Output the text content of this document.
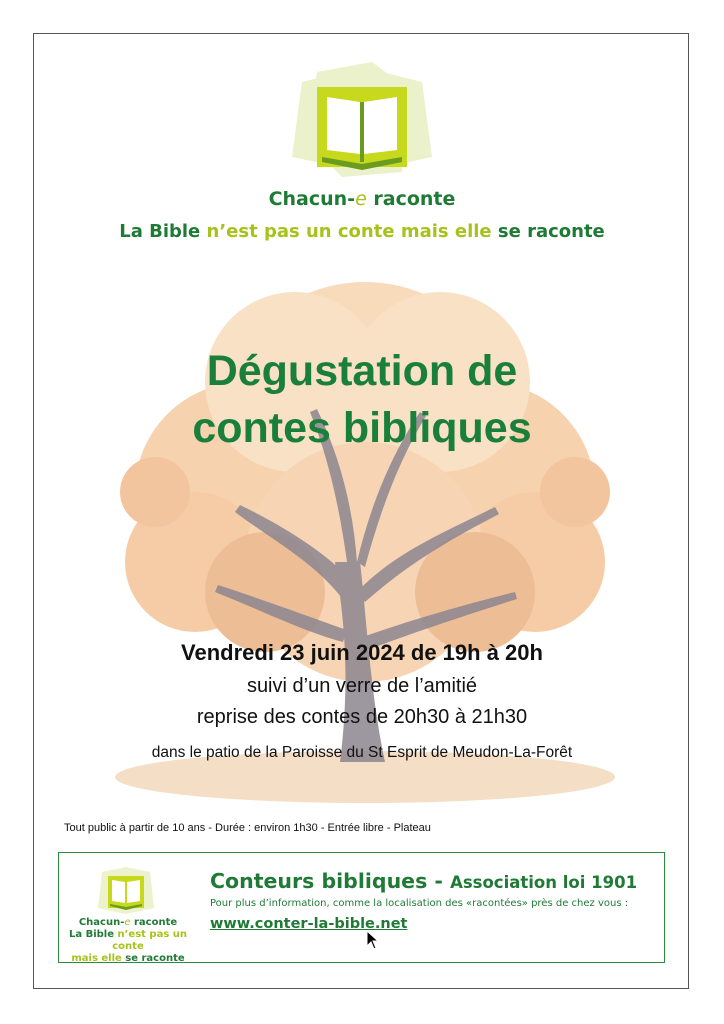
Chacun-e raconte
La Bible n’est pas un conte mais elle se raconte
Dégustation de
contes bibliques
Vendredi 23 juin 2024 de 19h à 20h
suivi d’un verre de l’amitié
reprise des contes de 20h30 à 21h30
dans le patio de la Paroisse du St Esprit de Meudon-La-Forêt
Tout public à partir de 10 ans - Durée : environ 1h30 - Entrée libre - Plateau
Chacun-e raconte
La Bible n’est pas un conte
mais elle se raconte
Conteurs bibliques - Association loi 1901
Pour plus d’information, comme la localisation des «racontées» près de chez vous :
www.conter-la-bible.net
